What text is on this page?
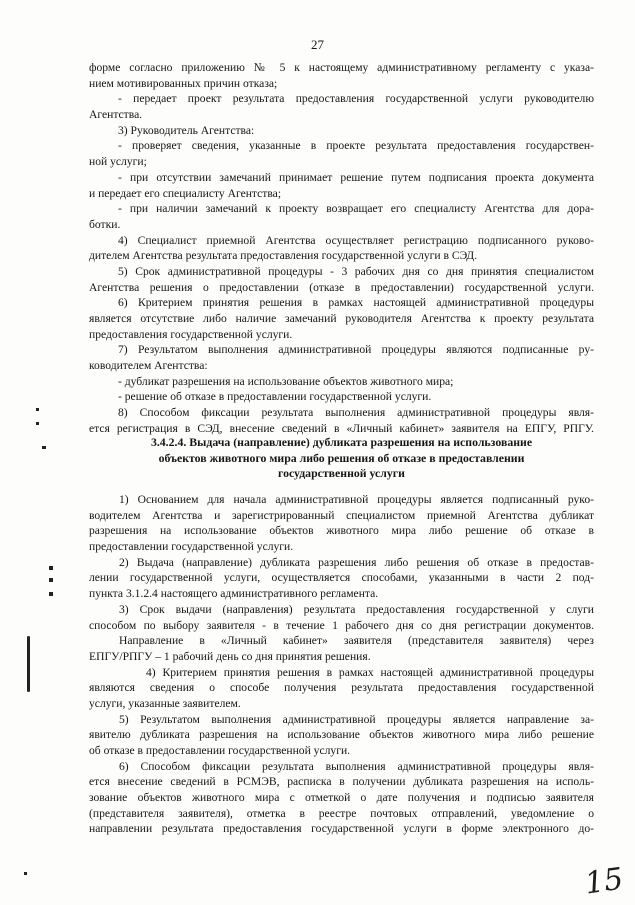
27
форме согласно приложению № 5 к настоящему административному регламенту с указа-
нием мотивированных причин отказа;
- передает проект результата предоставления государственной услуги руководителю
Агентства.
3) Руководитель Агентства:
- проверяет сведения, указанные в проекте результата предоставления государствен-
ной услуги;
- при отсутствии замечаний принимает решение путем подписания проекта документа
и передает его специалисту Агентства;
- при наличии замечаний к проекту возвращает его специалисту Агентства для дора-
ботки.
4) Специалист приемной Агентства осуществляет регистрацию подписанного руково-
дителем Агентства результата предоставления государственной услуги в СЭД.
5) Срок административной процедуры - 3 рабочих дня со дня принятия специалистом
Агентства решения о предоставлении (отказе в предоставлении) государственной услуги.
6) Критерием принятия решения в рамках настоящей административной процедуры
является отсутствие либо наличие замечаний руководителя Агентства к проекту результата
предоставления государственной услуги.
7) Результатом выполнения административной процедуры являются подписанные ру-
ководителем Агентства:
- дубликат разрешения на использование объектов животного мира;
- решение об отказе в предоставлении государственной услуги.
8) Способом фиксации результата выполнения административной процедуры явля-
ется регистрация в СЭД, внесение сведений в «Личный кабинет» заявителя на ЕПГУ, РПГУ.
3.4.2.4. Выдача (направление) дубликата разрешения на использование
объектов животного мира либо решения об отказе в предоставлении
государственной услуги
1) Основанием для начала административной процедуры является подписанный руко-
водителем Агентства и зарегистрированный специалистом приемной Агентства дубликат
разрешения на использование объектов животного мира либо решение об отказе в
предоставлении государственной услуги.
2) Выдача (направление) дубликата разрешения либо решения об отказе в предостав-
лении государственной услуги, осуществляется способами, указанными в части 2 под-
пункта 3.1.2.4 настоящего административного регламента.
3) Срок выдачи (направления) результата предоставления государственной у слуги
способом по выбору заявителя - в течение 1 рабочего дня со дня регистрации документов.
Направление в «Личный кабинет» заявителя (представителя заявителя) через
ЕПГУ/РПГУ – 1 рабочий день со дня принятия решения.
4) Критерием принятия решения в рамках настоящей административной процедуры
являются сведения о способе получения результата предоставления государственной
услуги, указанные заявителем.
5) Результатом выполнения административной процедуры является направление за-
явителю дубликата разрешения на использование объектов животного мира либо решение
об отказе в предоставлении государственной услуги.
6) Способом фиксации результата выполнения административной процедуры явля-
ется внесение сведений в РСМЭВ, расписка в получении дубликата разрешения на исполь-
зование объектов животного мира с отметкой о дате получения и подписью заявителя
(представителя заявителя), отметка в реестре почтовых отправлений, уведомление о
направлении результата предоставления государственной услуги в форме электронного до-
15
